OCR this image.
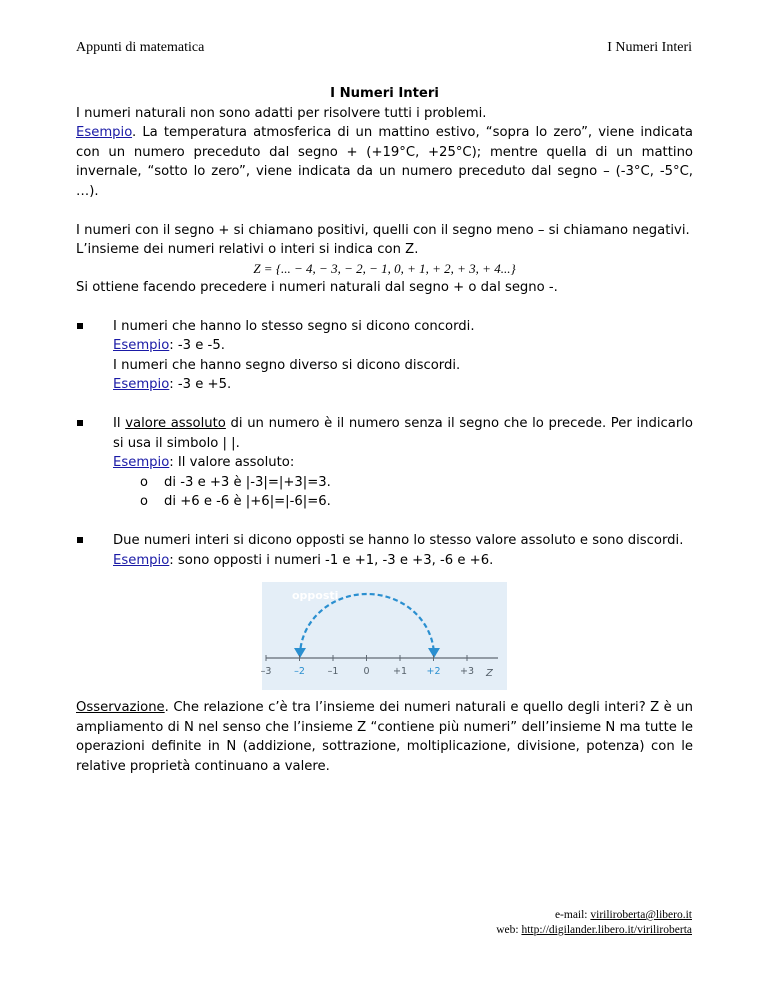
Appunti di matematica	I Numeri Interi
I Numeri Interi

I numeri naturali non sono adatti per risolvere tutti i problemi.

Esempio. La temperatura atmosferica di un mattino estivo, “sopra lo zero”, viene indicata con un numero preceduto dal segno + (+19°C, +25°C); mentre quella di un mattino invernale, “sotto lo zero”, viene indicata da un numero preceduto dal segno – (-3°C, -5°C, …).

I numeri con il segno + si chiamano positivi, quelli con il segno meno – si chiamano negativi.

L’insieme dei numeri relativi o interi si indica con Z.

Z = {... − 4, − 3, − 2, − 1, 0, + 1, + 2, + 3, + 4...}

Si ottiene facendo precedere i numeri naturali dal segno + o dal segno -.

I numeri che hanno lo stesso segno si dicono concordi.
Esempio: -3 e -5.
I numeri che hanno segno diverso si dicono discordi.
Esempio: -3 e +5.
Il valore assoluto di un numero è il numero senza il segno che lo precede. Per indicarlo si usa il simbolo | |.
Esempio: Il valore assoluto:
o di -3 e +3 è |-3|=|+3|=3.
o di +6 e -6 è |+6|=|-6|=6.
Due numeri interi si dicono opposti se hanno lo stesso valore assoluto e sono discordi.
Esempio: sono opposti i numeri -1 e +1, -3 e +3, -6 e +6.
opposti
–3 –2 –1	0 +1 +2 +3 Z

Osservazione. Che relazione c’è tra l’insieme dei numeri naturali e quello degli interi? Z è un ampliamento di N nel senso che l’insieme Z “contiene più numeri” dell’insieme N ma tutte le operazioni definite in N (addizione, sottrazione, moltiplicazione, divisione, potenza) con le relative proprietà continuano a valere.

e-mail: viriliroberta@libero.it
web: http://digilander.libero.it/viriliroberta
